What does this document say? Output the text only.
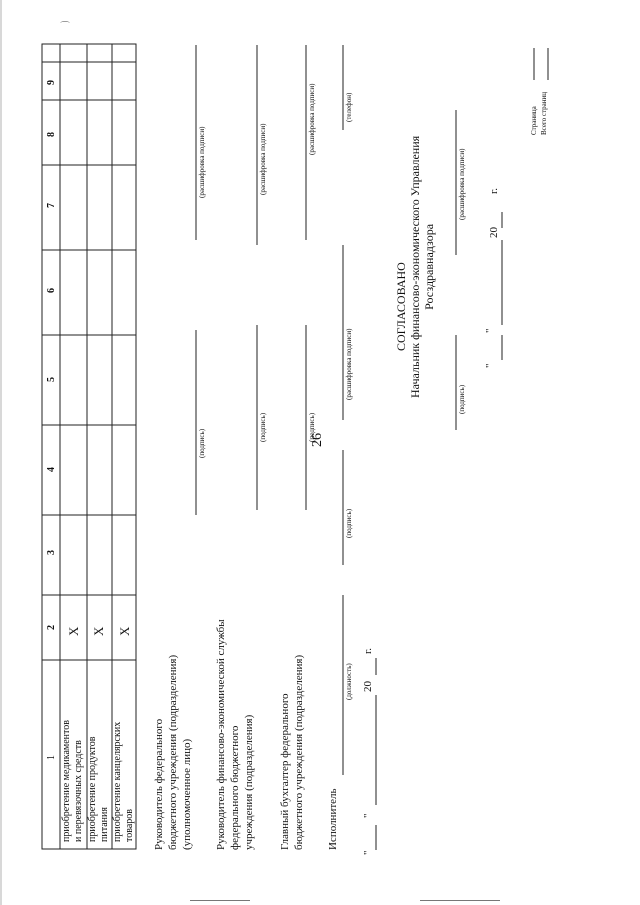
⌒
26
1
2
3
4
5
6
7
8
9
приобретение медикаментов и перевязочных средств приобретение продуктов питания приобретение канцелярских товаров
X X X
Руководитель федерального бюджетного учреждения (подразделения) (уполномоченное лицо)
(подпись)
(расшифровка подписи)
Руководитель финансово-экономической службы федерального бюджетного учреждения (подразделения)
(подпись)
(расшифровка подписи)
Главный бухгалтер федерального бюджетного учреждения (подразделения)
(подпись)
(расшифровка подписи)
Исполнитель
(должность)
(подпись)
(расшифровка подписи)
(телефон)
"
"
20
г.
СОГЛАСОВАНО Начальник финансово-экономического Управления Росздравнадзора
(подпись)
(расшифровка подписи)
"
"
20
г.
Страница Всего страниц
